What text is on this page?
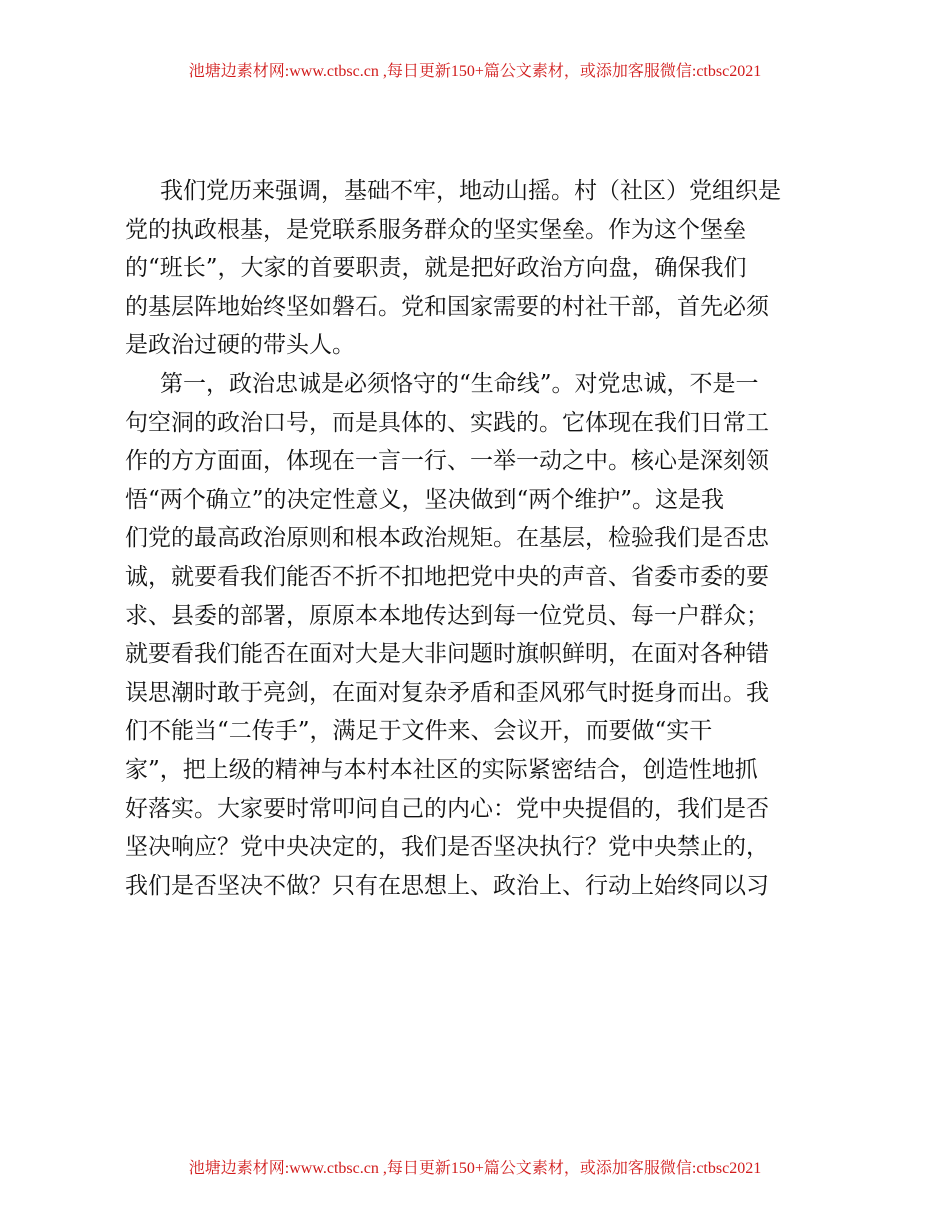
池塘边素材网:www.ctbsc.cn ,每日更新150+篇公文素材，或添加客服微信:ctbsc2021
我们党历来强调，基础不牢，地动山摇。村（社区）党组织是
党的执政根基，是党联系服务群众的坚实堡垒。作为这个堡垒
的“班长”，大家的首要职责，就是把好政治方向盘，确保我们
的基层阵地始终坚如磐石。党和国家需要的村社干部，首先必须
是政治过硬的带头人。
第一，政治忠诚是必须恪守的“生命线”。对党忠诚，不是一
句空洞的政治口号，而是具体的、实践的。它体现在我们日常工
作的方方面面，体现在一言一行、一举一动之中。核心是深刻领
悟“两个确立”的决定性意义，坚决做到“两个维护”。这是我
们党的最高政治原则和根本政治规矩。在基层，检验我们是否忠
诚，就要看我们能否不折不扣地把党中央的声音、省委市委的要
求、县委的部署，原原本本地传达到每一位党员、每一户群众；
就要看我们能否在面对大是大非问题时旗帜鲜明，在面对各种错
误思潮时敢于亮剑，在面对复杂矛盾和歪风邪气时挺身而出。我
们不能当“二传手”，满足于文件来、会议开，而要做“实干
家”，把上级的精神与本村本社区的实际紧密结合，创造性地抓
好落实。大家要时常叩问自己的内心：党中央提倡的，我们是否
坚决响应？党中央决定的，我们是否坚决执行？党中央禁止的，
我们是否坚决不做？只有在思想上、政治上、行动上始终同以习
池塘边素材网:www.ctbsc.cn ,每日更新150+篇公文素材，或添加客服微信:ctbsc2021
